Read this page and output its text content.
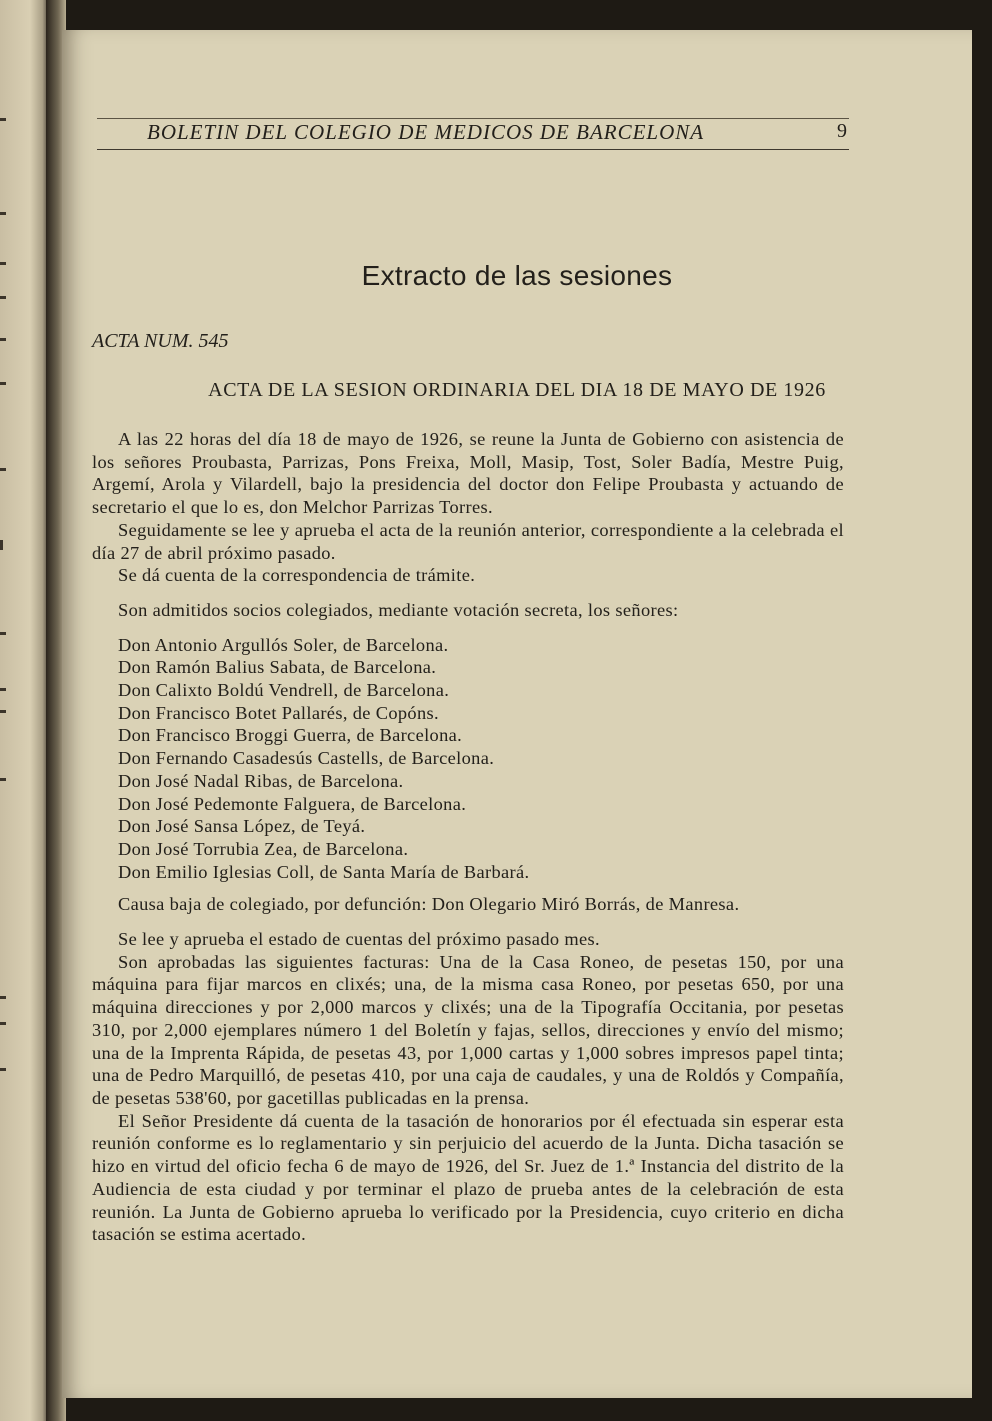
BOLETIN DEL COLEGIO DE MEDICOS DE BARCELONA	9
Extracto de las sesiones
ACTA NUM. 545
ACTA DE LA SESION ORDINARIA DEL DIA 18 DE MAYO DE 1926

A las 22 horas del día 18 de mayo de 1926, se reune la Junta de Gobierno con asistencia de los señores Proubasta, Parrizas, Pons Freixa, Moll, Masip, Tost, Soler Badía, Mestre Puig, Argemí, Arola y Vilardell, bajo la presidencia del doctor don Felipe Proubasta y actuando de secretario el que lo es, don Melchor Parrizas Torres.

Seguidamente se lee y aprueba el acta de la reunión anterior, correspondiente a la celebrada el día 27 de abril próximo pasado.

Se dá cuenta de la correspondencia de trámite.

Son admitidos socios colegiados, mediante votación secreta, los señores:

Don Antonio Argullós Soler, de Barcelona.
Don Ramón Balius Sabata, de Barcelona.
Don Calixto Boldú Vendrell, de Barcelona.
Don Francisco Botet Pallarés, de Copóns.
Don Francisco Broggi Guerra, de Barcelona.
Don Fernando Casadesús Castells, de Barcelona.
Don José Nadal Ribas, de Barcelona.
Don José Pedemonte Falguera, de Barcelona.
Don José Sansa López, de Teyá.
Don José Torrubia Zea, de Barcelona.
Don Emilio Iglesias Coll, de Santa María de Barbará.

Causa baja de colegiado, por defunción: Don Olegario Miró Borrás, de Manresa.

Se lee y aprueba el estado de cuentas del próximo pasado mes.

Son aprobadas las siguientes facturas: Una de la Casa Roneo, de pesetas 150, por una máquina para fijar marcos en clixés; una, de la misma casa Roneo, por pesetas 650, por una máquina direcciones y por 2,000 marcos y clixés; una de la Tipografía Occitania, por pesetas 310, por 2,000 ejemplares número 1 del Boletín y fajas, sellos, direcciones y envío del mismo; una de la Imprenta Rápida, de pesetas 43, por 1,000 cartas y 1,000 sobres impresos papel tinta; una de Pedro Marquilló, de pesetas 410, por una caja de caudales, y una de Roldós y Compañía, de pesetas 538'60, por gacetillas publicadas en la prensa.

El Señor Presidente dá cuenta de la tasación de honorarios por él efectuada sin esperar esta reunión conforme es lo reglamentario y sin perjuicio del acuerdo de la Junta. Dicha tasación se hizo en virtud del oficio fecha 6 de mayo de 1926, del Sr. Juez de 1.ª Instancia del distrito de la Audiencia de esta ciudad y por terminar el plazo de prueba antes de la celebración de esta reunión. La Junta de Gobierno aprueba lo verificado por la Presidencia, cuyo criterio en dicha tasación se estima acertado.
